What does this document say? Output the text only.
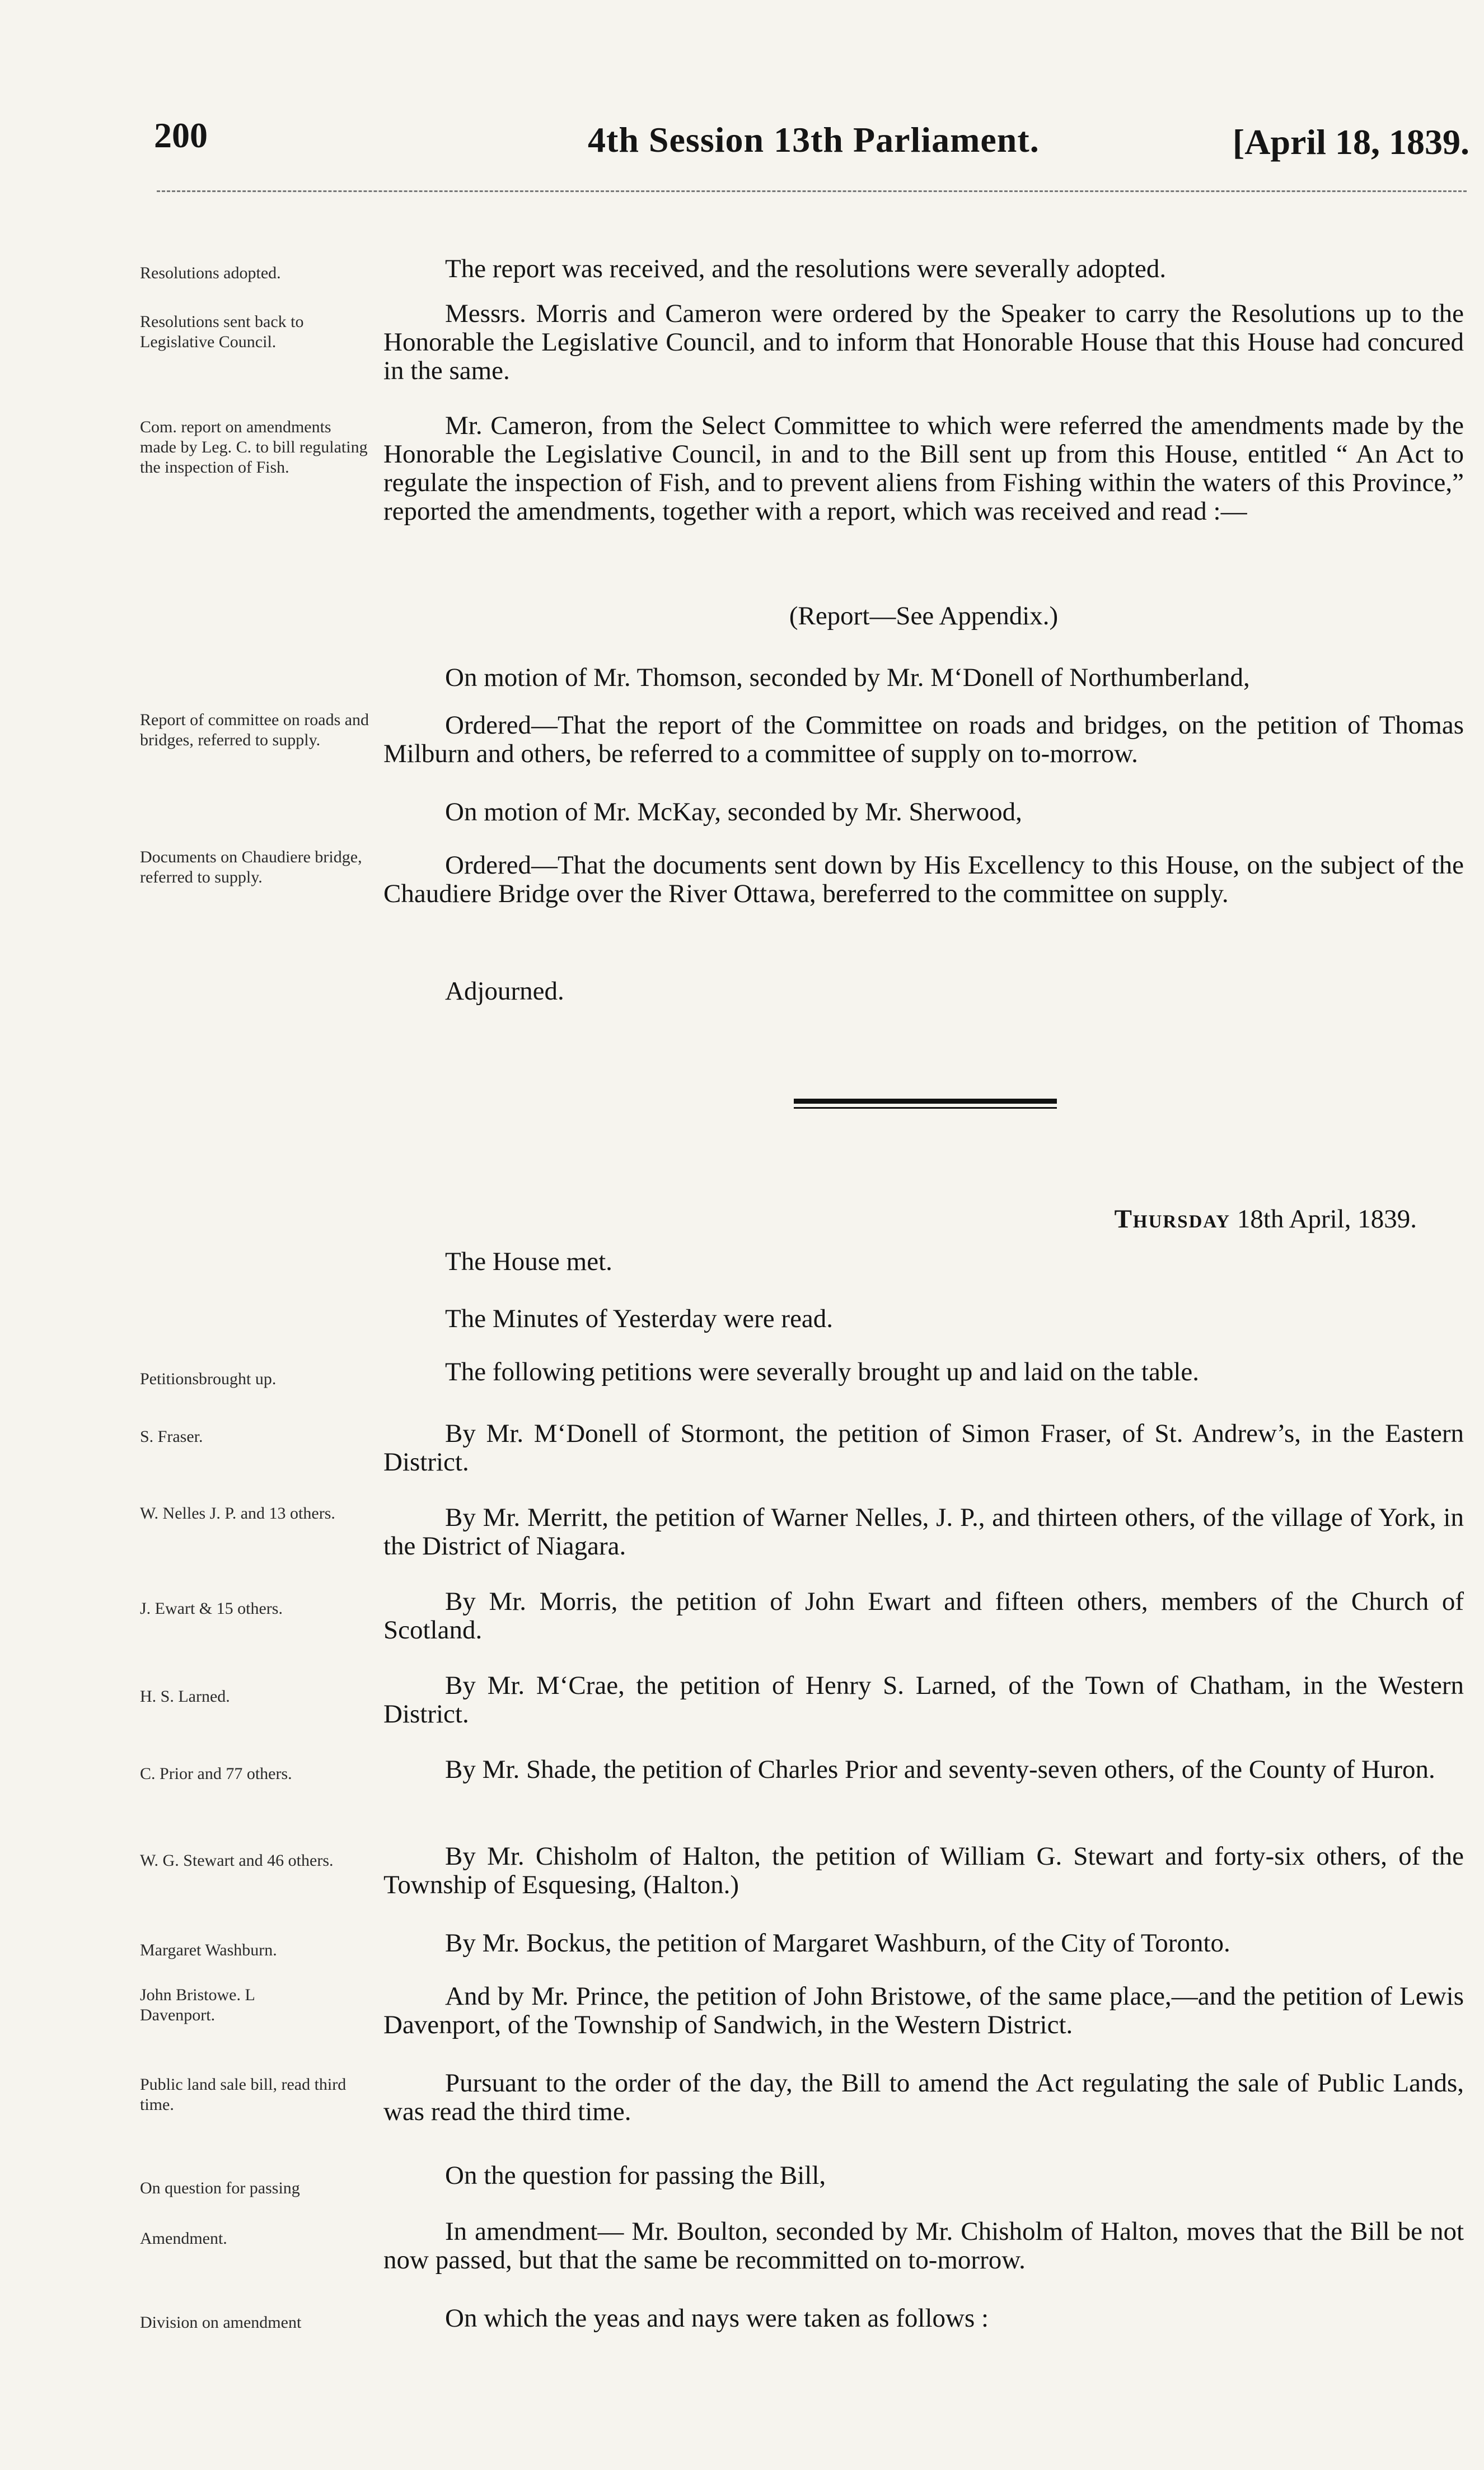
200	4th Session 13th Parliament.	[April 18, 1839.
Resolutions adopted.	The report was received, and the resolutions were severally adopted.
Resolutions sent back to Legislative Council.
Messrs. Morris and Cameron were ordered by the Speaker to carry the Resolutions up to the Honorable the Legislative Council, and to inform that Honorable House that this House had concured in the same.
Com. report on amendments made by Leg. C. to bill regulating the inspection of Fish.
Mr. Cameron, from the Select Committee to which were referred the amendments made by the Honorable the Legislative Council, in and to the Bill sent up from this House, entitled “ An Act to regulate the inspection of Fish, and to prevent aliens from Fishing within the waters of this Province,” reported the amendments, together with a report, which was received and read :—
(Report—See Appendix.)
On motion of Mr. Thomson, seconded by Mr. M‘Donell of Northumberland,
Report of committee on roads and bridges, referred to supply.
Ordered—That the report of the Committee on roads and bridges, on the petition of Thomas Milburn and others, be referred to a committee of supply on to-morrow.
On motion of Mr. McKay, seconded by Mr. Sherwood,
Documents on Chaudiere bridge, referred to supply.	Ordered—That the documents sent down by His Excellency to this House, on the subject of the Chaudiere Bridge over the River Ottawa, bereferred to the committee on supply.
Adjourned.
Thursday 18th April, 1839.
The House met.
The Minutes of Yesterday were read.
Petitionsbrought up.	The following petitions were severally brought up and laid on the table.
S. Fraser.	By Mr. M‘Donell of Stormont, the petition of Simon Fraser, of St. Andrew’s, in the Eastern District.
W. Nelles J. P. and 13 others.	By Mr. Merritt, the petition of Warner Nelles, J. P., and thirteen others, of the village of York, in the District of Niagara.
J. Ewart & 15 others.	By Mr. Morris, the petition of John Ewart and fifteen others, members of the Church of Scotland.
H. S. Larned.	By Mr. M‘Crae, the petition of Henry S. Larned, of the Town of Chatham, in the Western District.
C. Prior and 77 others.	By Mr. Shade, the petition of Charles Prior and seventy-seven others, of the County of Huron.
W. G. Stewart and 46 others.	By Mr. Chisholm of Halton, the petition of William G. Stewart and forty-six others, of the Township of Esquesing, (Halton.)
Margaret Washburn.	By Mr. Bockus, the petition of Margaret Washburn, of the City of Toronto.
John Bristowe. L Davenport.
And by Mr. Prince, the petition of John Bristowe, of the same place,—and the petition of Lewis Davenport, of the Township of Sandwich, in the Western District.
Public land sale bill, read third time.
Pursuant to the order of the day, the Bill to amend the Act regulating the sale of Public Lands, was read the third time.
On question for passing	On the question for passing the Bill,
Amendment.	In amendment— Mr. Boulton, seconded by Mr. Chisholm of Halton, moves that the Bill be not now passed, but that the same be recommitted on to-morrow.
Division on amendment	On which the yeas and nays were taken as follows :
